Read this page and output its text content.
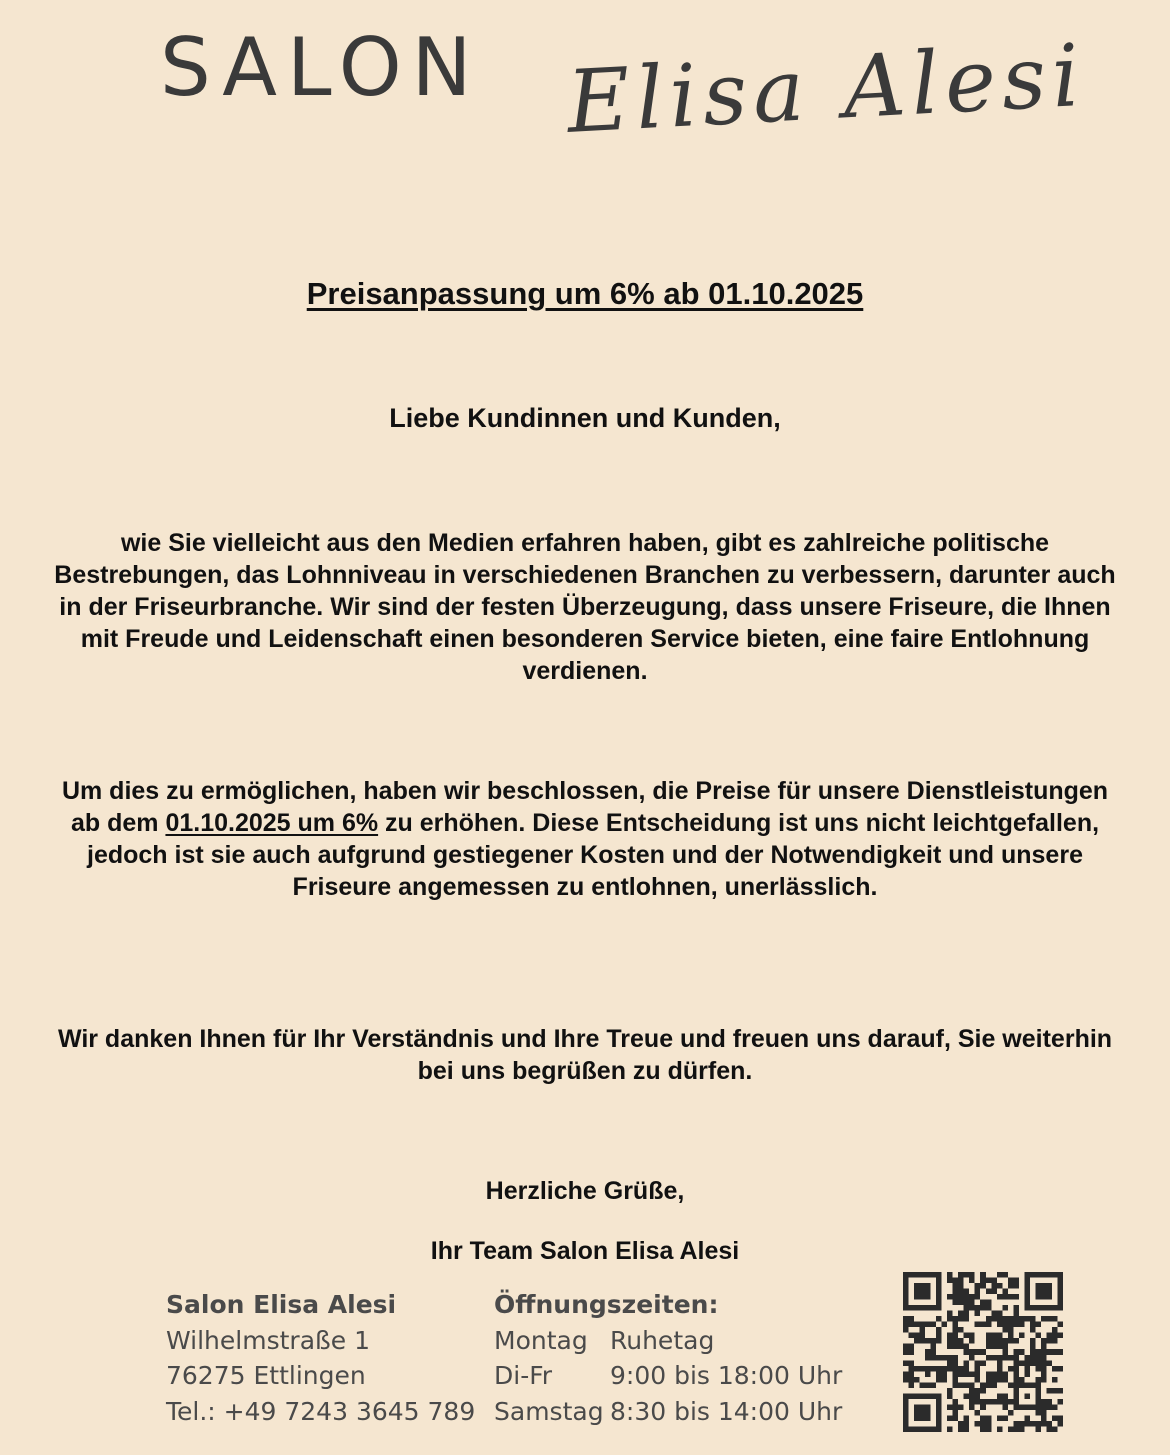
SALON Elisa Alesi
Preisanpassung um 6% ab 01.10.2025
Liebe Kundinnen und Kunden,
wie Sie vielleicht aus den Medien erfahren haben, gibt es zahlreiche politische Bestrebungen, das Lohnniveau in verschiedenen Branchen zu verbessern, darunter auch in der Friseurbranche. Wir sind der festen Überzeugung, dass unsere Friseure, die Ihnen mit Freude und Leidenschaft einen besonderen Service bieten, eine faire Entlohnung verdienen.
Um dies zu ermöglichen, haben wir beschlossen, die Preise für unsere Dienstleistungen ab dem 01.10.2025 um 6% zu erhöhen. Diese Entscheidung ist uns nicht leichtgefallen, jedoch ist sie auch aufgrund gestiegener Kosten und der Notwendigkeit und unsere Friseure angemessen zu entlohnen, unerlässlich.
Wir danken Ihnen für Ihr Verständnis und Ihre Treue und freuen uns darauf, Sie weiterhin bei uns begrüßen zu dürfen.
Herzliche Grüße,
Ihr Team Salon Elisa Alesi
Salon Elisa Alesi
Wilhelmstraße 1
76275 Ettlingen
Tel.: +49 7243 3645 789
Öffnungszeiten:
Montag Ruhetag
Di-Fr	9:00 bis 18:00 Uhr
Samstag 8:30 bis 14:00 Uhr
